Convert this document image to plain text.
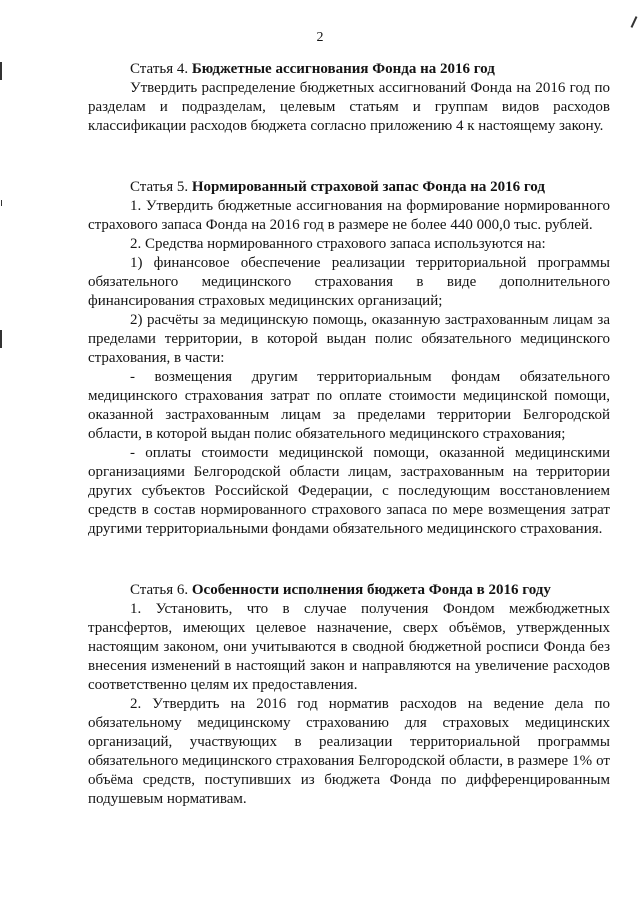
2

Статья 4. Бюджетные ассигнования Фонда на 2016 год

Утвердить распределение бюджетных ассигнований Фонда на 2016 год по разделам и подразделам, целевым статьям и группам видов расходов классификации расходов бюджета согласно приложению 4 к настоящему закону.

Статья 5. Нормированный страховой запас Фонда на 2016 год

1. Утвердить бюджетные ассигнования на формирование нормированного страхового запаса Фонда на 2016 год в размере не более 440 000,0 тыс. рублей.

2. Средства нормированного страхового запаса используются на:

1) финансовое обеспечение реализации территориальной программы обязательного медицинского страхования в виде дополнительного финансирования страховых медицинских организаций;

2) расчёты за медицинскую помощь, оказанную застрахованным лицам за пределами территории, в которой выдан полис обязательного медицинского страхования, в части:

- возмещения другим территориальным фондам обязательного медицинского страхования затрат по оплате стоимости медицинской помощи, оказанной застрахованным лицам за пределами территории Белгородской области, в которой выдан полис обязательного медицинского страхования;

- оплаты стоимости медицинской помощи, оказанной медицинскими организациями Белгородской области лицам, застрахованным на территории других субъектов Российской Федерации, с последующим восстановлением средств в состав нормированного страхового запаса по мере возмещения затрат другими территориальными фондами обязательного медицинского страхования.

Статья 6. Особенности исполнения бюджета Фонда в 2016 году

1. Установить, что в случае получения Фондом межбюджетных трансфертов, имеющих целевое назначение, сверх объёмов, утвержденных настоящим законом, они учитываются в сводной бюджетной росписи Фонда без внесения изменений в настоящий закон и направляются на увеличение расходов соответственно целям их предоставления.

2. Утвердить на 2016 год норматив расходов на ведение дела по обязательному медицинскому страхованию для страховых медицинских организаций, участвующих в реализации территориальной программы обязательного медицинского страхования Белгородской области, в размере 1% от объёма средств, поступивших из бюджета Фонда по дифференцированным подушевым нормативам.
